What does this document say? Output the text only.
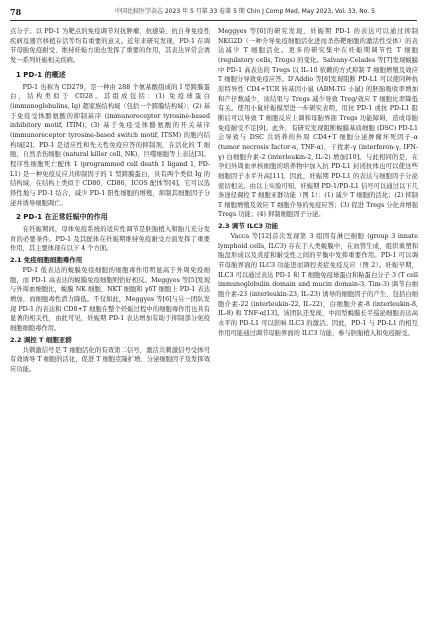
78	中国比较医学杂志 2023 年 5 月第 33 卷第 5 期 Chin J Comp Med, May 2023, Vol. 33, No. 5

点分子。以 PD-1 为靶点的免疫调节对抗肿瘤、抗感染、抗自身免疫性疾病及器官移植存活等均有重要的意义。近年来研究发现，PD-1 在调节母胎免疫耐受、维持妊娠方面也发挥了重要的作用，其表达异常会诱发一系列妊娠相关疾病。

1 PD-1 的概述

PD-1 也称为 CD279，是一种由 288 个氨基酸组成的 I 型跨膜蛋白，结构类似于 CD28。其组成包括：(1) 免疫球蛋白 (immunoglobulins, Ig) 超家族结构域（包括一个跨膜结构域）；(2) 基于免疫受体酪氨酸的抑制基序 (immunoreceptor tyrosine-based inhibitory motif, ITIM)；(3) 基于免疫受体酪氨酸的开关基序 (immunoreceptor tyrosine-based switch motif, ITSM) 的胞内结构域[2]。PD-1 是适应性和先天性免疫应答的抑制剂，在活化的 T 细胞，自然杀伤细胞 (natural killer cell, NK)，巨噬细胞等上表达[3]。程序性细胞死亡配体 1 (programmed cell death 1 ligand 1, PD-L1) 是一种免疫反应共抑制因子的 1 型跨膜蛋白，具有两个类似 Ig 的结构域，在结构上类似于 CD80、CD86，ICOS 配体等[4]。它可以选择性地与 PD-1 结合，减少 PD-1 阳性细胞的增殖，抑制其细胞因子分泌并诱导细胞凋亡。

2 PD-1 在正常妊娠中的作用

在妊娠期间，母体免疫系统的适应性调节是胚胎植入和胎儿充分发育的必要条件。PD-1 及其配体在妊娠期维持免疫耐受方面发挥了重要作用，其主要体现在以下 4 个方面。

2.1 免疫细胞细胞毒作用

PD-1 低表达的蜕膜免疫细胞的细胞毒作用明显高于外周免疫细胞，而 PD-1 高表达的蜕膜免疫细胞则恰好相反。Meggyes 等[5]发现与外周血细胞比，蜕膜 NK 细胞、NKT 细胞和 γδT 细胞上 PD-1 表达增加，而细胞毒性潜力降低。不仅如此，Meggyes 等[6]与另一团队发现 PD-1 的表达和 CD8+T 细胞在整个妊娠过程中的细胞毒作用也具有显著的相关性，由此可见，妊娠期 PD-1 表达增加有助于抑制部分免疫细胞细胞毒作用。

2.2 调控 T 细胞亚群

共刺激信号是 T 细胞活化的有效第二信号，激活共刺激信号受体可有效诱导 T 细胞的活化，促进 T 细胞克隆扩增、分泌细胞因子及发挥效应功能。

Meggyes 等[6]的研究发现，妊娠期 PD-1 的表达可以通过抑制 NKG2D（一种介导免疫细胞活化进而杀伤靶细胞的激活性受体）的表达减少 T 细胞活化。更多的研究集中在妊娠期调节性 T 细胞 (regulatory cells, Tregs) 的变化。Salvany-Celades 等[7]发现蜕膜中 PD-1 高表达的 Tregs 以 IL-10 依赖的方式抑制 T 细胞增殖及效应 T 细胞分导致免疫应答。D'Addio 等[8]发现阻断 PD-L1 可以使同种抗原特异性 CD4+TCR 转基因小鼠 (ABM-TG 小鼠) 的胚胎吸收率增加和产仔数减少，该结果与 Tregs 减少导致 Treg/效应 T 细胞比率降低有关。使用小鼠妊娠模型进一步研究表明，用抗 PD-1 或抗 PD-L1 阻断后可以导致 T 细胞反应上调和母胎界面 Tregs 功能障碍，造成母胎免疫耐受不足[9]。此外，有研究发现阻断蜕膜基质细胞 (DSC) PD-L1 会导致与 DSC 共培养的外周 CD4+T 细胞分泌肿瘤坏死因子-α (tumor necrosis factor-α, TNF-α)，干扰素-γ (interferon-γ, IFN-γ) 白细胞介素-2 (interleukin-2, IL-2) 增加[10]。与此相同的是，在孕妇外周血单核细胞的培养物中加入抗 PD-L1 封闭抗体也可以使这些细胞因子水平升高[11]。因此，妊娠期 PD-L1 的表达与细胞因子分泌密切相关。由以上实验可知，妊娠期 PD-1/PD-L1 信号可以通过以下几条途径调控 T 细胞亚群功能（图 1）：(1) 减少 T 细胞的活化；(2) 抑制 T 细胞增殖及效应 T 细胞介导的免疫应答；(3) 促进 Tregs 分化并增强 Tregs 功能；(4) 抑制细胞因子分泌。

2.3 调节 ILC3 功能

Vacca 等[12]首次发现第 3 组固有淋巴细胞 (group 3 innate lymphoid cells, ILC3) 存在于人类蜕膜中，在血管生成、组织重塑和胎盘形成以及炎症和耐受性之间的平衡中发挥重要作用。PD-1 可以调节母胎界面的 ILC3 功能进而调控炎症免疫反应（图 2）。妊娠早期，ILC3 可以通过表达 PD-1 和 T 细胞免疫球蛋白和粘蛋白分子 3 (T cell immunoglobulin domain and mucin domain-3, Tim-3) 调节白细胞介素-23 (interleukin-23, IL-23) 诱导的细胞因子的产生，包括白细胞介素-22 (interleukin-22, IL-22)，白细胞介素-8 (interleukin-8, IL-8) 和 TNF-α[13]。该团队还发现，中间型蜕膜长半巡泌细胞表达高水平的 PD-L1 可以影响 ILC3 的激活。因此，PD-1 与 PD-L1 的相互作用可能通过调节母胎界面的 ILC3 功能，参与胚胎植入和免疫耐受。
